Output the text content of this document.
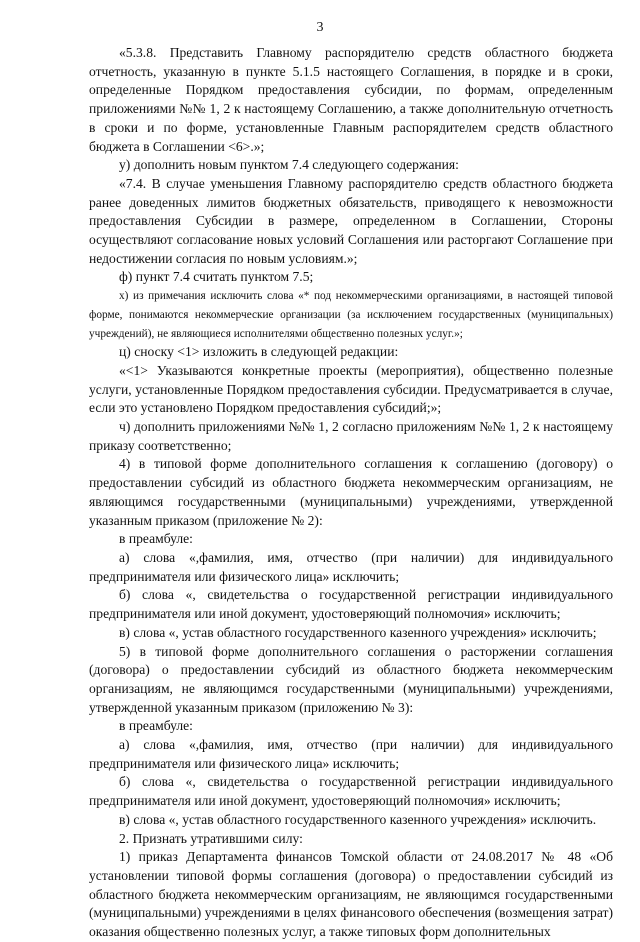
3

«5.3.8. Представить Главному распорядителю средств областного бюджета отчетность, указанную в пункте 5.1.5 настоящего Соглашения, в порядке и в сроки, определенные Порядком предоставления субсидии, по формам, определенным приложениями №№ 1, 2 к настоящему Соглашению, а также дополнительную отчетность в сроки и по форме, установленные Главным распорядителем средств областного бюджета в Соглашении <6>.»;

у) дополнить новым пунктом 7.4 следующего содержания:

«7.4. В случае уменьшения Главному распорядителю средств областного бюджета ранее доведенных лимитов бюджетных обязательств, приводящего к невозможности предоставления Субсидии в размере, определенном в Соглашении, Стороны осуществляют согласование новых условий Соглашения или расторгают Соглашение при недостижении согласия по новым условиям.»;

ф) пункт 7.4 считать пунктом 7.5;

х) из примечания исключить слова «* под некоммерческими организациями, в настоящей типовой форме, понимаются некоммерческие организации (за исключением государственных (муниципальных) учреждений), не являющиеся исполнителями общественно полезных услуг.»;

ц) сноску <1> изложить в следующей редакции:

«<1> Указываются конкретные проекты (мероприятия), общественно полезные услуги, установленные Порядком предоставления субсидии. Предусматривается в случае, если это установлено Порядком предоставления субсидий;»;

ч) дополнить приложениями №№ 1, 2 согласно приложениям №№ 1, 2 к настоящему приказу соответственно;

4) в типовой форме дополнительного соглашения к соглашению (договору) о предоставлении субсидий из областного бюджета некоммерческим организациям, не являющимся государственными (муниципальными) учреждениями, утвержденной указанным приказом (приложение № 2):

в преамбуле:

а) слова «,фамилия, имя, отчество (при наличии) для индивидуального предпринимателя или физического лица» исключить;

б) слова «, свидетельства о государственной регистрации индивидуального предпринимателя или иной документ, удостоверяющий полномочия» исключить;

в) слова «, устав областного государственного казенного учреждения» исключить;

5) в типовой форме дополнительного соглашения о расторжении соглашения (договора) о предоставлении субсидий из областного бюджета некоммерческим организациям, не являющимся государственными (муниципальными) учреждениями, утвержденной указанным приказом (приложению № 3):

в преамбуле:

а) слова «,фамилия, имя, отчество (при наличии) для индивидуального предпринимателя или физического лица» исключить;

б) слова «, свидетельства о государственной регистрации индивидуального предпринимателя или иной документ, удостоверяющий полномочия» исключить;

в) слова «, устав областного государственного казенного учреждения» исключить.

2. Признать утратившими силу:

1) приказ Департамента финансов Томской области от 24.08.2017 № 48 «Об установлении типовой формы соглашения (договора) о предоставлении субсидий из областного бюджета некоммерческим организациям, не являющимся государственными (муниципальными) учреждениями в целях финансового обеспечения (возмещения затрат) оказания общественно полезных услуг, а также типовых форм дополнительных
